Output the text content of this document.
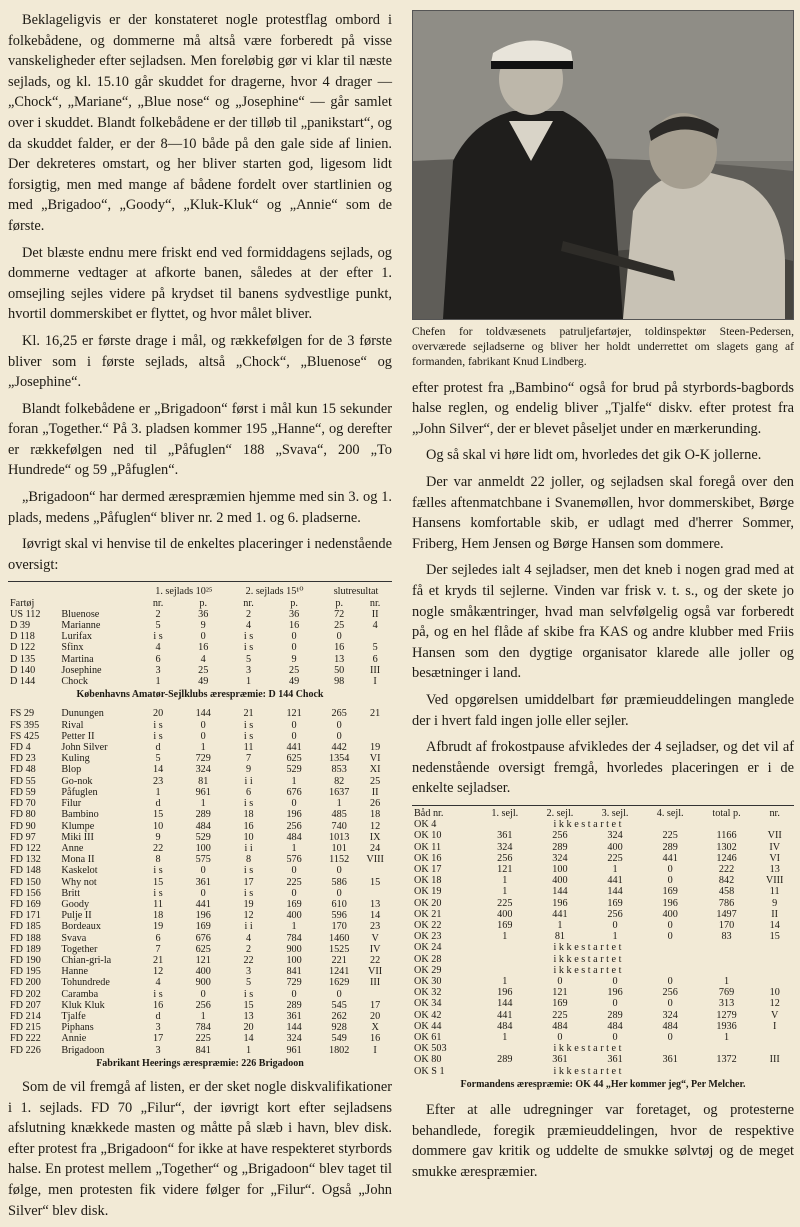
Beklageligvis er der konstateret nogle protestflag ombord i folkebådene, og dommerne må altså være forberedt på visse vanskeligheder efter sejladsen. Men foreløbig gør vi klar til næste sejlads, og kl. 15.10 går skuddet for dragerne, hvor 4 drager — „Chock“, „Mariane“, „Blue nose“ og „Josephine“ — går samlet over i skuddet. Blandt folkebådene er der tilløb til „panikstart“, og da skuddet falder, er der 8—10 både på den gale side af linien. Der dekreteres omstart, og her bliver starten god, ligesom lidt forsigtig, men med mange af bådene fordelt over startlinien og med „Brigadoo“, „Goody“, „Kluk-Kluk“ og „Annie“ som de første.

Det blæste endnu mere friskt end ved formiddagens sejlads, og dommerne vedtager at afkorte banen, således at der efter 1. omsejling sejles videre på krydset til banens sydvestlige punkt, hvortil dommerskibet er flyttet, og hvor målet bliver.

Kl. 16,25 er første drage i mål, og rækkefølgen for de 3 første bliver som i første sejlads, altså „Chock“, „Bluenose“ og „Josephine“.

Blandt folkebådene er „Brigadoon“ først i mål kun 15 sekunder foran „Together.“ På 3. pladsen kommer 195 „Hanne“, og derefter er rækkefølgen ned til „Påfuglen“ 188 „Svava“, 200 „To Hundrede“ og 59 „Påfuglen“.

„Brigadoon“ har dermed ærespræmien hjemme med sin 3. og 1. plads, medens „Påfuglen“ bliver nr. 2 med 1. og 6. pladserne.

Iøvrigt skal vi henvise til de enkeltes placeringer i nedenstående oversigt:

		1. sejlads 10²⁵		2. sejlads 15¹⁰		slutresultat	
Fartøj		nr.	p.	nr.	p.	p.	nr.
US 112	Bluenose	2	36	2	36	72	II
D 39	Marianne	5	9	4	16	25	4
D 118	Lurifax	i s	0	i s	0	0	
D 122	Sfinx	4	16	i s	0	16	5
D 135	Martina	6	4	5	9	13	6
D 140	Josephine	3	25	3	25	50	III
D 144	Chock	1	49	1	49	98	I
Københavns Amatør-Sejlklubs ærespræmie: D 144 Chock							

FS 29	Dunungen	20	144	21	121	265	21
FS 395	Rival	i s	0	i s	0	0	
FS 425	Petter II	i s	0	i s	0	0	
FD 4	John Silver	d	1	11	441	442	19
FD 23	Kuling	5	729	7	625	1354	VI
FD 48	Blop	14	324	9	529	853	XI
FD 55	Go-nok	23	81	i i	1	82	25
FD 59	Påfuglen	1	961	6	676	1637	II
FD 70	Filur	d	1	i s	0	1	26
FD 80	Bambino	15	289	18	196	485	18
FD 90	Klumpe	10	484	16	256	740	12
FD 97	Miki III	9	529	10	484	1013	IX
FD 122	Anne	22	100	i i	1	101	24
FD 132	Mona II	8	575	8	576	1152	VIII
FD 148	Kaskelot	i s	0	i s	0	0	
FD 150	Why not	15	361	17	225	586	15
FD 156	Britt	i s	0	i s	0	0	
FD 169	Goody	11	441	19	169	610	13
FD 171	Pulje II	18	196	12	400	596	14
FD 185	Bordeaux	19	169	i i	1	170	23
FD 188	Svava	6	676	4	784	1460	V
FD 189	Together	7	625	2	900	1525	IV
FD 190	Chian-gri-la	21	121	22	100	221	22
FD 195	Hanne	12	400	3	841	1241	VII
FD 200	Tohundrede	4	900	5	729	1629	III
FD 202	Caramba	i s	0	i s	0	0	
FD 207	Kluk Kluk	16	256	15	289	545	17
FD 214	Tjalfe	d	1	13	361	262	20
FD 215	Piphans	3	784	20	144	928	X
FD 222	Annie	17	225	14	324	549	16
FD 226	Brigadoon	3	841	1	961	1802	I
Fabrikant Heerings ærespræmie: 226 Brigadoon							

Som de vil fremgå af listen, er der sket nogle diskvalifikationer i 1. sejlads. FD 70 „Filur“, der iøvrigt kort efter sejladsens afslutning knækkede masten og måtte på slæb i havn, blev disk. efter protest fra „Brigadoon“ for ikke at have respekteret styrbords halse. En protest mellem „Together“ og „Brigadoon“ blev taget til følge, men protesten fik videre følger for „Filur“. Også „John Silver“ blev disk.

Chefen for toldvæsenets patruljefartøjer, toldinspektør Steen-Pedersen, overværede sejladserne og bliver her holdt underrettet om slagets gang af formanden, fabrikant Knud Lindberg.

efter protest fra „Bambino“ også for brud på styrbords-bagbords halse reglen, og endelig bliver „Tjalfe“ diskv. efter protest fra „John Silver“, der er blevet påseljet under en mærkerunding.

Og så skal vi høre lidt om, hvorledes det gik O-K jollerne.

Der var anmeldt 22 joller, og sejladsen skal foregå over den fælles aftenmatchbane i Svanemøllen, hvor dommerskibet, Børge Hansens komfortable skib, er udlagt med d'herrer Sommer, Friberg, Hem Jensen og Børge Hansen som dommere.

Der sejledes ialt 4 sejladser, men det kneb i nogen grad med at få et kryds til sejlerne. Vinden var frisk v. t. s., og der skete jo nogle småkæntringer, hvad man selvfølgelig også var forberedt på, og en hel flåde af skibe fra KAS og andre klubber med Friis Hansen som den dygtige organisator klarede alle joller og besætninger i land.

Ved opgørelsen umiddelbart før præmieuddelingen manglede der i hvert fald ingen jolle eller sejler.

Afbrudt af frokostpause afvikledes der 4 sejladser, og det vil af nedenstående oversigt fremgå, hvorledes placeringen er i de enkelte sejladser.

Båd nr.	1. sejl.	2. sejl.	3. sejl.	4. sejl.	total p.	nr.
OK 4	i k k e s t a r t e t					
OK 10	361	256	324	225	1166	VII
OK 11	324	289	400	289	1302	IV
OK 16	256	324	225	441	1246	VI
OK 17	121	100	1	0	222	13
OK 18	1	400	441	0	842	VIII
OK 19	1	144	144	169	458	11
OK 20	225	196	169	196	786	9
OK 21	400	441	256	400	1497	II
OK 22	169	1	0	0	170	14
OK 23	1	81	1	0	83	15
OK 24	i k k e s t a r t e t					
OK 28	i k k e s t a r t e t					
OK 29	i k k e s t a r t e t					
OK 30	1	0	0	0	1	
OK 32	196	121	196	256	769	10
OK 34	144	169	0	0	313	12
OK 42	441	225	289	324	1279	V
OK 44	484	484	484	484	1936	I
OK 61	1	0	0	0	1	
OK 503	i k k e s t a r t e t					
OK 80	289	361	361	361	1372	III
OK S 1	i k k e s t a r t e t					
Formandens ærespræmie: OK 44 „Her kommer jeg“, Per Melcher.						

Efter at alle udregninger var foretaget, og protesterne behandlede, foregik præmieuddelingen, hvor de respektive dommere gav kritik og uddelte de smukke sølvtøj og de meget smukke ærespræmier.
